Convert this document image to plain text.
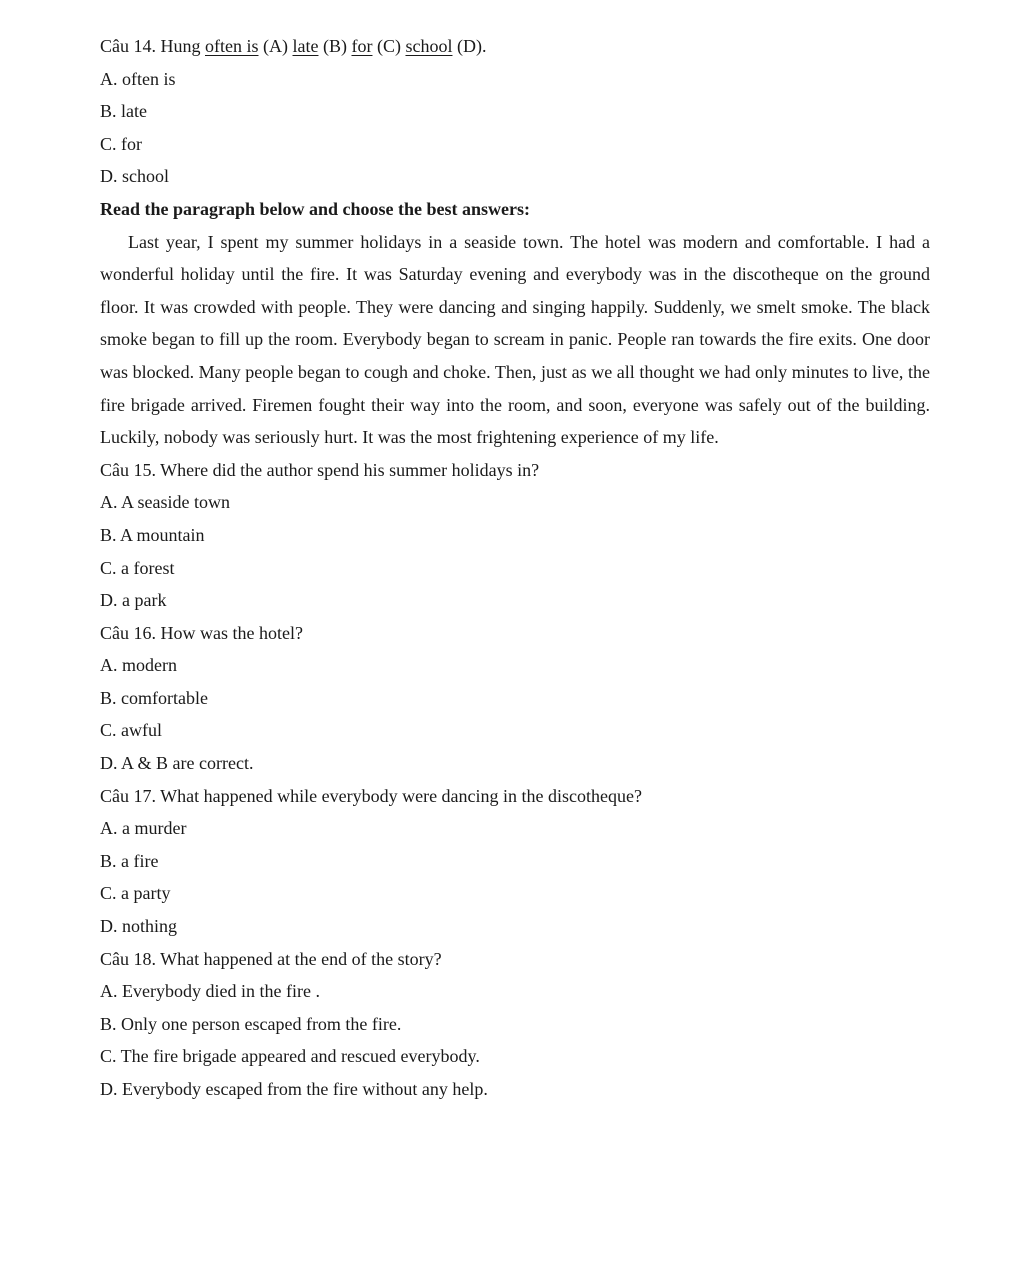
Câu 14. Hung often is (A) late (B) for (C) school (D).
A. often is
B. late
C. for
D. school
Read the paragraph below and choose the best answers:

Last year, I spent my summer holidays in a seaside town. The hotel was modern and comfortable. I had a wonderful holiday until the fire. It was Saturday evening and everybody was in the discotheque on the ground floor. It was crowded with people. They were dancing and singing happily. Suddenly, we smelt smoke. The black smoke began to fill up the room. Everybody began to scream in panic. People ran towards the fire exits. One door was blocked. Many people began to cough and choke. Then, just as we all thought we had only minutes to live, the fire brigade arrived. Firemen fought their way into the room, and soon, everyone was safely out of the building. Luckily, nobody was seriously hurt. It was the most frightening experience of my life.

Câu 15. Where did the author spend his summer holidays in?
A. A seaside town
B. A mountain
C. a forest
D. a park
Câu 16. How was the hotel?
A. modern
B. comfortable
C. awful
D. A & B are correct.
Câu 17. What happened while everybody were dancing in the discotheque?
A. a murder
B. a fire
C. a party
D. nothing
Câu 18. What happened at the end of the story?
A. Everybody died in the fire .
B. Only one person escaped from the fire.
C. The fire brigade appeared and rescued everybody.
D. Everybody escaped from the fire without any help.
